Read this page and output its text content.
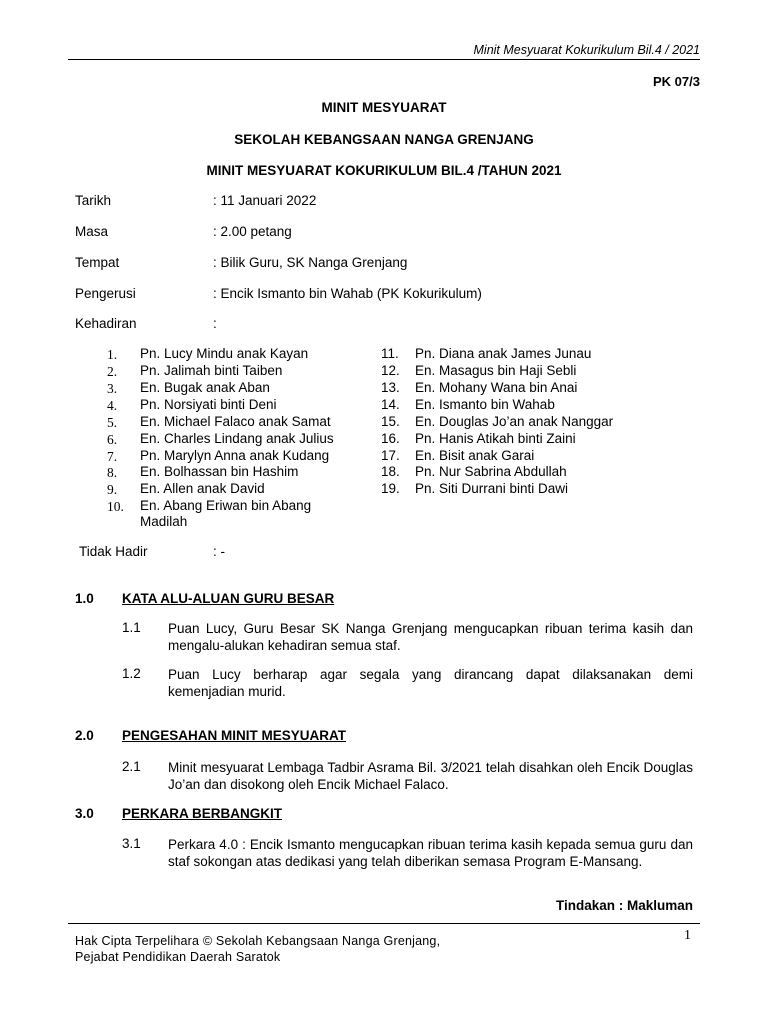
Minit Mesyuarat Kokurikulum Bil.4 / 2021
PK 07/3
MINIT MESYUARAT
SEKOLAH KEBANGSAAN NANGA GRENJANG
MINIT MESYUARAT KOKURIKULUM BIL.4 /TAHUN 2021
Tarikh	: 11 Januari 2022
Masa	: 2.00 petang
Tempat	: Bilik Guru, SK Nanga Grenjang
Pengerusi	: Encik Ismanto bin Wahab (PK Kokurikulum)
Kehadiran	:
1. Pn. Lucy Mindu anak Kayan
2. Pn. Jalimah binti Taiben
3. En. Bugak anak Aban
4. Pn. Norsiyati binti Deni
5. En. Michael Falaco anak Samat
6. En. Charles Lindang anak Julius
7. Pn. Marylyn Anna anak Kudang
8. En. Bolhassan bin Hashim
9. En. Allen anak David
10. En. Abang Eriwan bin Abang
Madilah
11. Pn. Diana anak James Junau
12. En. Masagus bin Haji Sebli
13. En. Mohany Wana bin Anai
14. En. Ismanto bin Wahab
15. En. Douglas Jo’an anak Nanggar
16. Pn. Hanis Atikah binti Zaini
17. En. Bisit anak Garai
18. Pn. Nur Sabrina Abdullah
19. Pn. Siti Durrani binti Dawi
Tidak Hadir	: -
1.0 KATA ALU-ALUAN GURU BESAR
1.1 Puan Lucy, Guru Besar SK Nanga Grenjang mengucapkan ribuan terima kasih dan mengalu-alukan kehadiran semua staf.
1.2 Puan Lucy berharap agar segala yang dirancang dapat dilaksanakan demi kemenjadian murid.
2.0 PENGESAHAN MINIT MESYUARAT
2.1 Minit mesyuarat Lembaga Tadbir Asrama Bil. 3/2021 telah disahkan oleh Encik Douglas Jo’an dan disokong oleh Encik Michael Falaco.
3.0 PERKARA BERBANGKIT
3.1 Perkara 4.0 : Encik Ismanto mengucapkan ribuan terima kasih kepada semua guru dan staf sokongan atas dedikasi yang telah diberikan semasa Program E-Mansang.
Tindakan : Makluman
1
Hak Cipta Terpelihara © Sekolah Kebangsaan Nanga Grenjang,
Pejabat Pendidikan Daerah Saratok
